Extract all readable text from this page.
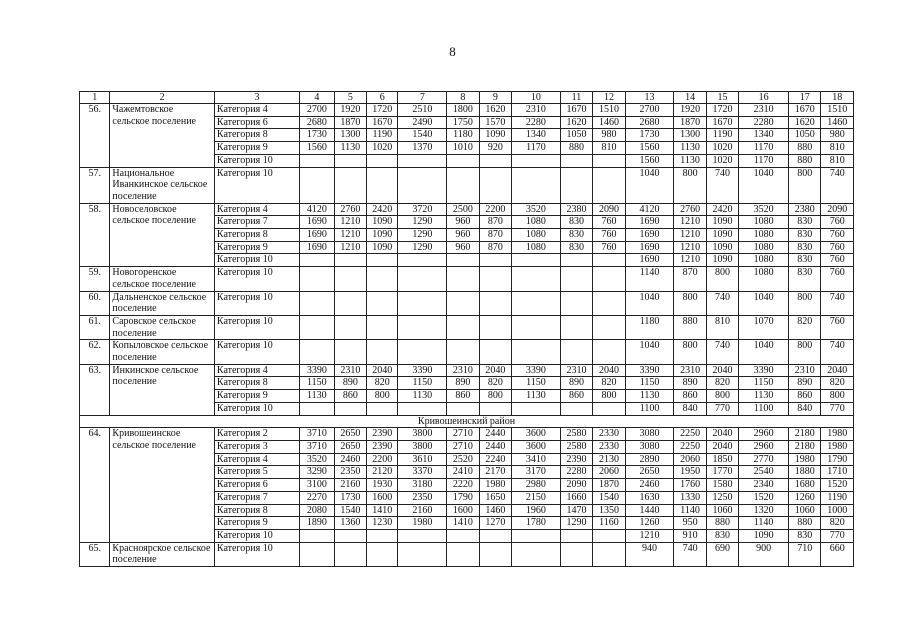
8
1	2	3	4	5	6	7	8	9	10	11	12	13	14	15	16	17	18
56.	Чажемтовское сельское поселение	Категория 4	2700	1920	1720	2510	1800	1620	2310	1670	1510	2700	1920	1720	2310	1670	1510
		Категория 6	2680	1870	1670	2490	1750	1570	2280	1620	1460	2680	1870	1670	2280	1620	1460
		Категория 8	1730	1300	1190	1540	1180	1090	1340	1050	980	1730	1300	1190	1340	1050	980
		Категория 9	1560	1130	1020	1370	1010	920	1170	880	810	1560	1130	1020	1170	880	810
		Категория 10										1560	1130	1020	1170	880	810
57.	Национальное Иванкинское сельское поселение	Категория 10										1040	800	740	1040	800	740
58.	Новоселовское сельское поселение	Категория 4	4120	2760	2420	3720	2500	2200	3520	2380	2090	4120	2760	2420	3520	2380	2090
		Категория 7	1690	1210	1090	1290	960	870	1080	830	760	1690	1210	1090	1080	830	760
		Категория 8	1690	1210	1090	1290	960	870	1080	830	760	1690	1210	1090	1080	830	760
		Категория 9	1690	1210	1090	1290	960	870	1080	830	760	1690	1210	1090	1080	830	760
		Категория 10										1690	1210	1090	1080	830	760
59.	Новогоренское сельское поселение	Категория 10										1140	870	800	1080	830	760
60.	Дальненское сельское поселение	Категория 10										1040	800	740	1040	800	740
61.	Саровское сельское поселение	Категория 10										1180	880	810	1070	820	760
62.	Копыловское сельское поселение	Категория 10										1040	800	740	1040	800	740
63.	Инкинское сельское поселение	Категория 4	3390	2310	2040	3390	2310	2040	3390	2310	2040	3390	2310	2040	3390	2310	2040
		Категория 8	1150	890	820	1150	890	820	1150	890	820	1150	890	820	1150	890	820
		Категория 9	1130	860	800	1130	860	800	1130	860	800	1130	860	800	1130	860	800
		Категория 10										1100	840	770	1100	840	770
Кривошеинский район																	
64.	Кривошеинское сельское поселение	Категория 2	3710	2650	2390	3800	2710	2440	3600	2580	2330	3080	2250	2040	2960	2180	1980
		Категория 3	3710	2650	2390	3800	2710	2440	3600	2580	2330	3080	2250	2040	2960	2180	1980
		Категория 4	3520	2460	2200	3610	2520	2240	3410	2390	2130	2890	2060	1850	2770	1980	1790
		Категория 5	3290	2350	2120	3370	2410	2170	3170	2280	2060	2650	1950	1770	2540	1880	1710
		Категория 6	3100	2160	1930	3180	2220	1980	2980	2090	1870	2460	1760	1580	2340	1680	1520
		Категория 7	2270	1730	1600	2350	1790	1650	2150	1660	1540	1630	1330	1250	1520	1260	1190
		Категория 8	2080	1540	1410	2160	1600	1460	1960	1470	1350	1440	1140	1060	1320	1060	1000
		Категория 9	1890	1360	1230	1980	1410	1270	1780	1290	1160	1260	950	880	1140	880	820
		Категория 10										1210	910	830	1090	830	770
65.	Красноярское сельское поселение	Категория 10										940	740	690	900	710	660
